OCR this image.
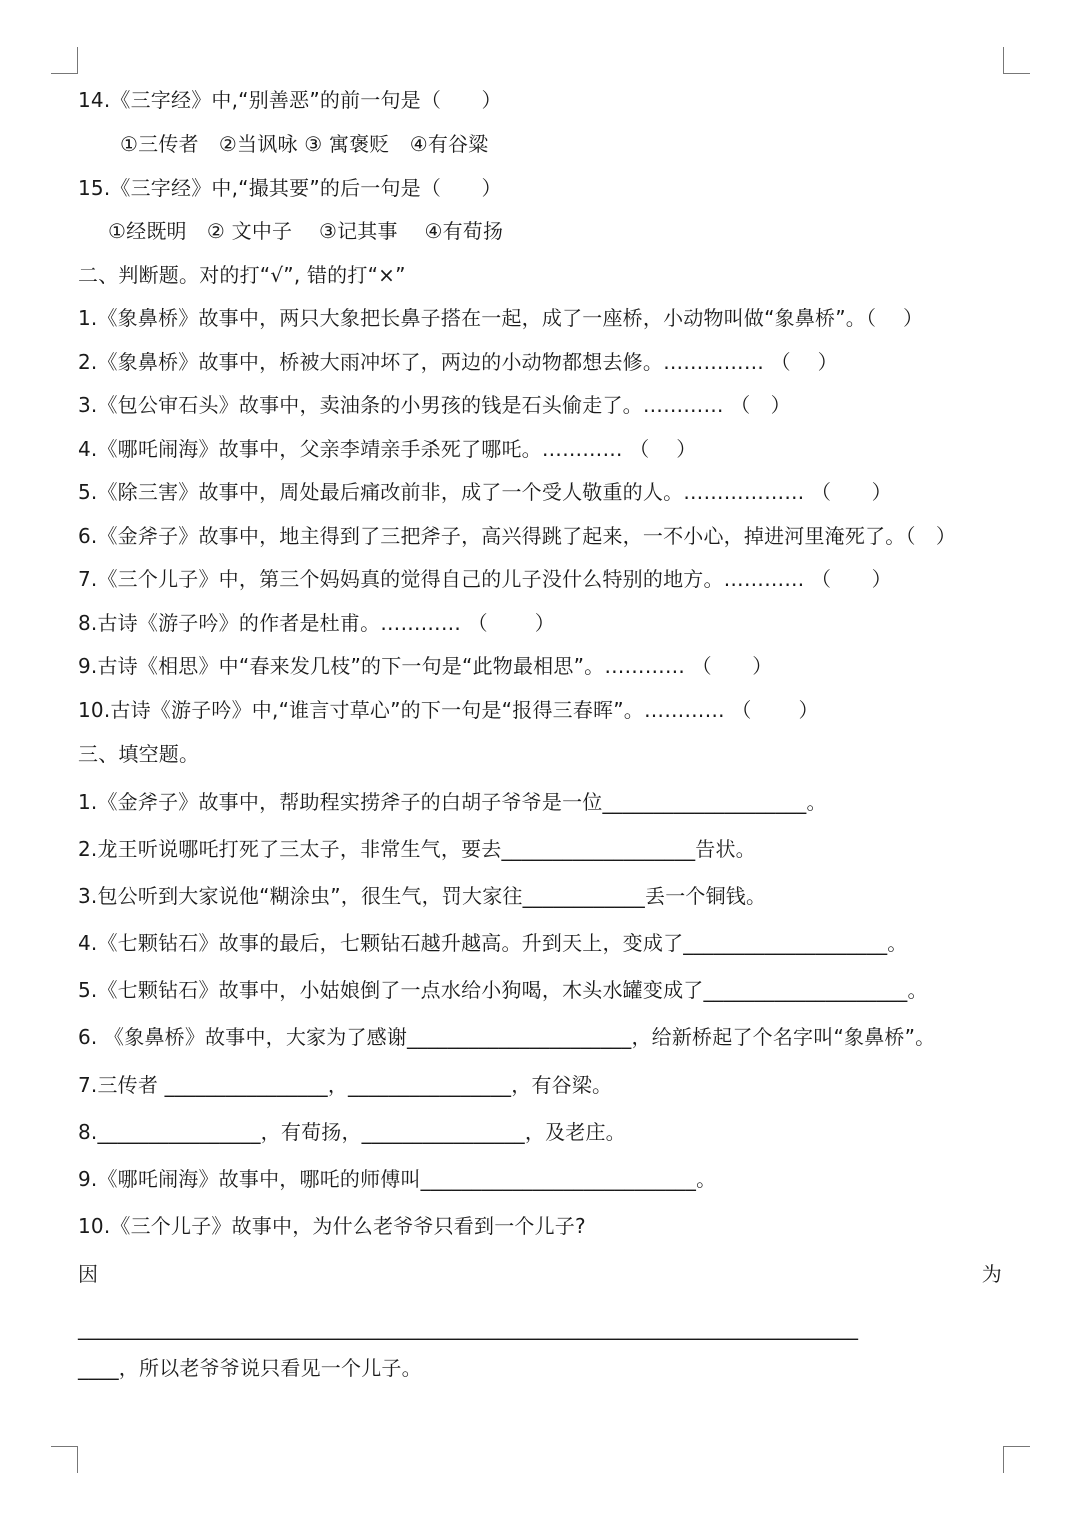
14.《三字经》中,“别善恶”的前一句是（　　）
①三传者　②当讽咏 ③ 寓褒贬　④有谷粱
15.《三字经》中,“撮其要”的后一句是（　　）
①经既明　② 文中子　 ③记其事　 ④有荀扬
二、判断题。对的打“√”, 错的打“×”
1.《象鼻桥》故事中，两只大象把长鼻子搭在一起，成了一座桥，小动物叫做“象鼻桥”。（　 ）
2.《象鼻桥》故事中，桥被大雨冲坏了，两边的小动物都想去修。…………… （　 ）
3.《包公审石头》故事中，卖油条的小男孩的钱是石头偷走了。………… （　）
4.《哪吒闹海》故事中，父亲李靖亲手杀死了哪吒。………… （　 ）
5.《除三害》故事中，周处最后痛改前非，成了一个受人敬重的人。……………… （　　）
6.《金斧子》故事中，地主得到了三把斧子，高兴得跳了起来，一不小心，掉进河里淹死了。（　）
7.《三个儿子》中，第三个妈妈真的觉得自己的儿子没什么特别的地方。………… （　　）
8.古诗《游子吟》的作者是杜甫。………… （　　 ）
9.古诗《相思》中“春来发几枝”的下一句是“此物最相思”。………… （　　）
10.古诗《游子吟》中,“谁言寸草心”的下一句是“报得三春晖”。………… （　　 ）
三、填空题。
1.《金斧子》故事中，帮助程实捞斧子的白胡子爷爷是一位____________________。
2.龙王听说哪吒打死了三太子，非常生气，要去___________________告状。
3.包公听到大家说他“糊涂虫”，很生气，罚大家往____________丢一个铜钱。
4.《七颗钻石》故事的最后，七颗钻石越升越高。升到天上，变成了____________________。
5.《七颗钻石》故事中，小姑娘倒了一点水给小狗喝，木头水罐变成了____________________。
6. 《象鼻桥》故事中，大家为了感谢______________________，给新桥起了个名字叫“象鼻桥”。
7.三传者 ________________，________________，有谷梁。
8.________________，有荀扬，________________，及老庄。
9.《哪吒闹海》故事中，哪吒的师傅叫___________________________。
10.《三个儿子》故事中，为什么老爷爷只看到一个儿子?
因	为
______________________________________________________________________________
____，所以老爷爷说只看见一个儿子。
